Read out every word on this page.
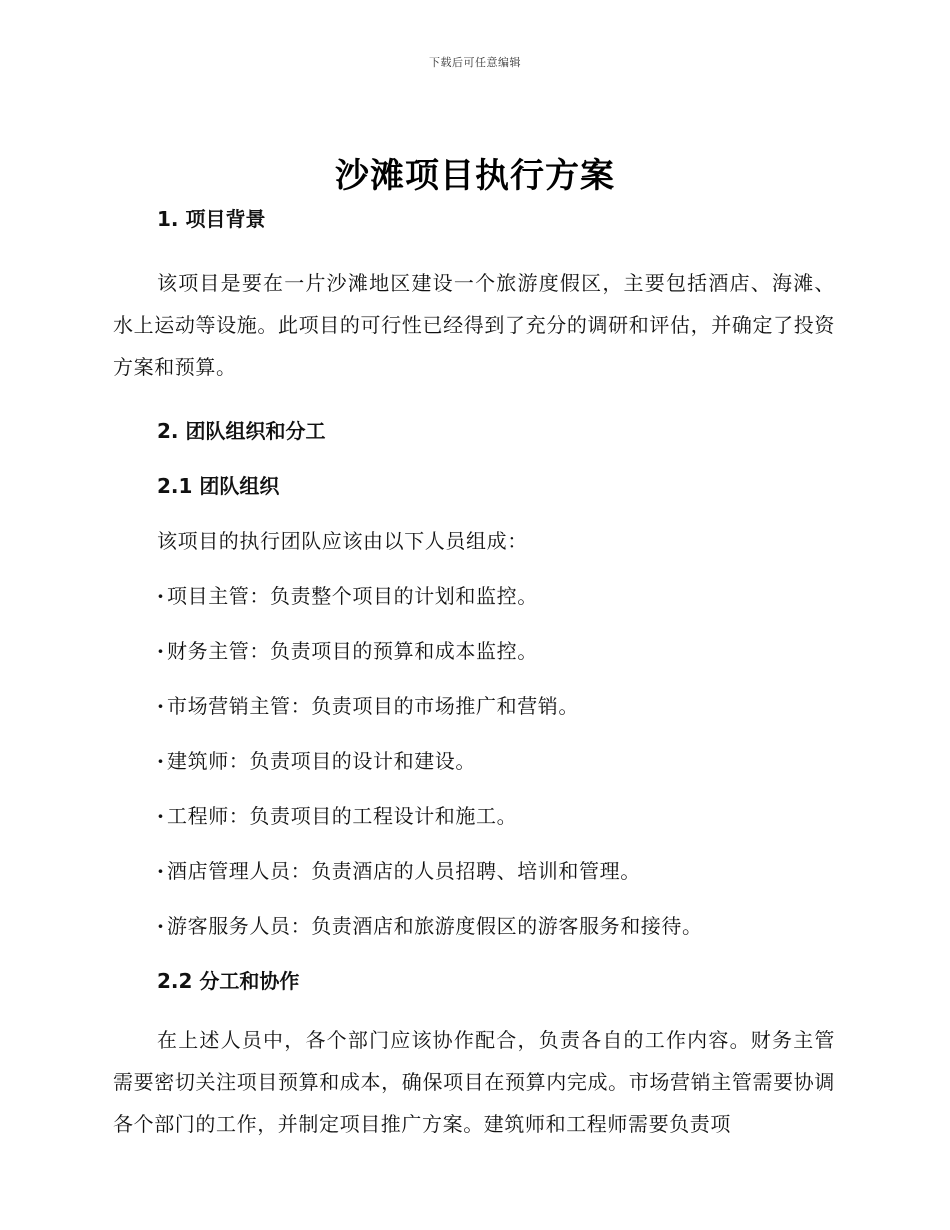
下载后可任意编辑
沙滩项目执行方案
1. 项目背景

该项目是要在一片沙滩地区建设一个旅游度假区，主要包括酒店、海滩、水上运动等设施。此项目的可行性已经得到了充分的调研和评估，并确定了投资方案和预算。

2. 团队组织和分工
2.1 团队组织

该项目的执行团队应该由以下人员组成：

· 项目主管：负责整个项目的计划和监控。
· 财务主管：负责项目的预算和成本监控。
· 市场营销主管：负责项目的市场推广和营销。
· 建筑师：负责项目的设计和建设。
· 工程师：负责项目的工程设计和施工。
· 酒店管理人员：负责酒店的人员招聘、培训和管理。
· 游客服务人员：负责酒店和旅游度假区的游客服务和接待。
2.2 分工和协作

在上述人员中，各个部门应该协作配合，负责各自的工作内容。财务主管需要密切关注项目预算和成本，确保项目在预算内完成。市场营销主管需要协调各个部门的工作，并制定项目推广方案。建筑师和工程师需要负责项
